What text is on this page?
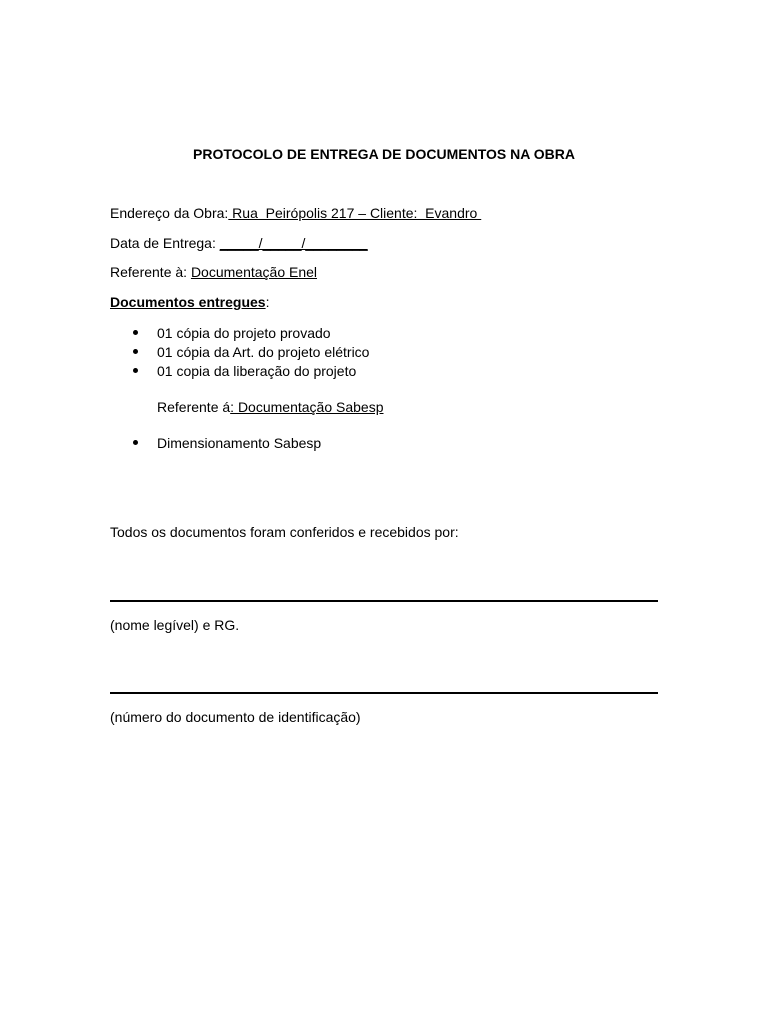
PROTOCOLO DE ENTREGA DE DOCUMENTOS NA OBRA
Endereço da Obra: Rua  Peirópolis 217 – Cliente:  Evandro
Data de Entrega: _____/_____/________
Referente à: Documentação Enel
Documentos entregues:
01 cópia do projeto provado
01 cópia da Art. do projeto elétrico
01 copia da liberação do projeto
Referente á: Documentação Sabesp
Dimensionamento Sabesp
Todos os documentos foram conferidos e recebidos por:
(nome legível) e RG.
(número do documento de identificação)
